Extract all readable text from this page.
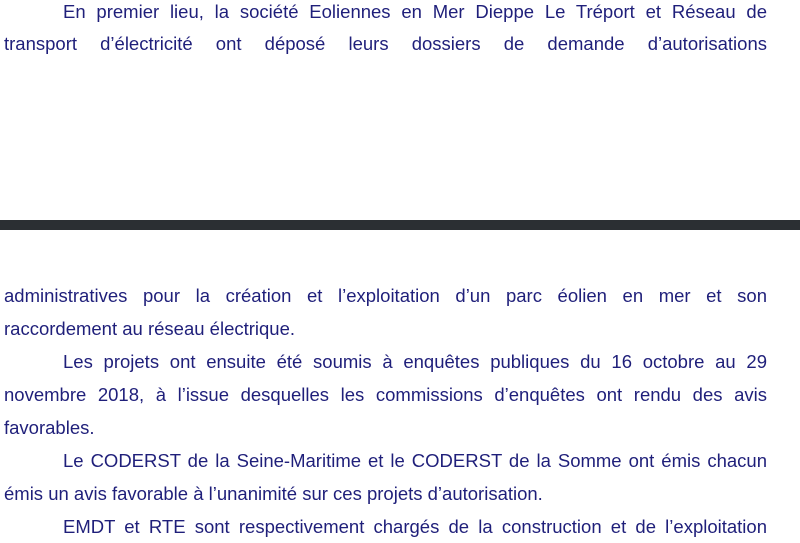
En premier lieu, la société Eoliennes en Mer Dieppe Le Tréport et Réseau de

transport d’électricité ont déposé leurs dossiers de demande d’autorisations

administratives pour la création et l’exploitation d’un parc éolien en mer et son

raccordement au réseau électrique.

Les projets ont ensuite été soumis à enquêtes publiques du 16 octobre au 29

novembre 2018, à l’issue desquelles les commissions d’enquêtes ont rendu des avis

favorables.

Le CODERST de la Seine-Maritime et le CODERST de la Somme ont émis chacun

émis un avis favorable à l’unanimité sur ces projets d’autorisation.

EMDT et RTE sont respectivement chargés de la construction et de l’exploitation
